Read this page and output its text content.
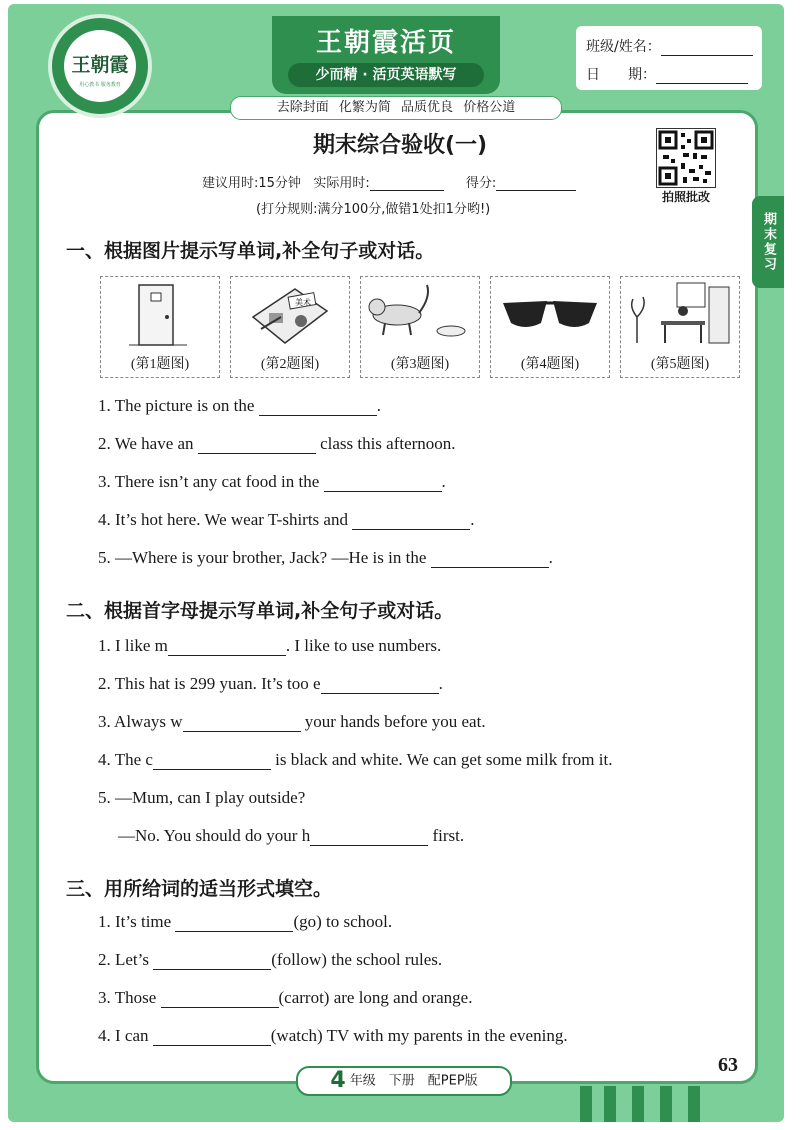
王朝霞
用心教书 服务教育
王朝霞活页
少而精 · 活页英语默写
去除封面 化繁为简 品质优良 价格公道
班级/姓名：
日　　期：
期末复习
拍照批改
期末综合验收(一)
建议用时:15分钟 实际用时:	得分:
(打分规则:满分100分,做错1处扣1分哟!)
一、根据图片提示写单词,补全句子或对话。
(第1题图)
美术
(第2题图)	(第3题图)	(第4题图)	(第5题图)
1. The picture is on the	.
2. We have an	class this afternoon.
3. There isn’t any cat food in the	.
4. It’s hot here. We wear T-shirts and	.
5. —Where is your brother, Jack? —He is in the	.
二、根据首字母提示写单词,补全句子或对话。
1. I like m	. I like to use numbers.
2. This hat is 299 yuan. It’s too e	.
3. Always w	your hands before you eat.
4. The c	is black and white. We can get some milk from it.
5. —Mum, can I play outside?
—No. You should do your h	first.
三、用所给词的适当形式填空。
1. It’s time	(go) to school.
2. Let’s	(follow) the school rules.
3. Those	(carrot) are long and orange.
4. I can	(watch) TV with my parents in the evening.
4 年级　下册　配PEP版
63
